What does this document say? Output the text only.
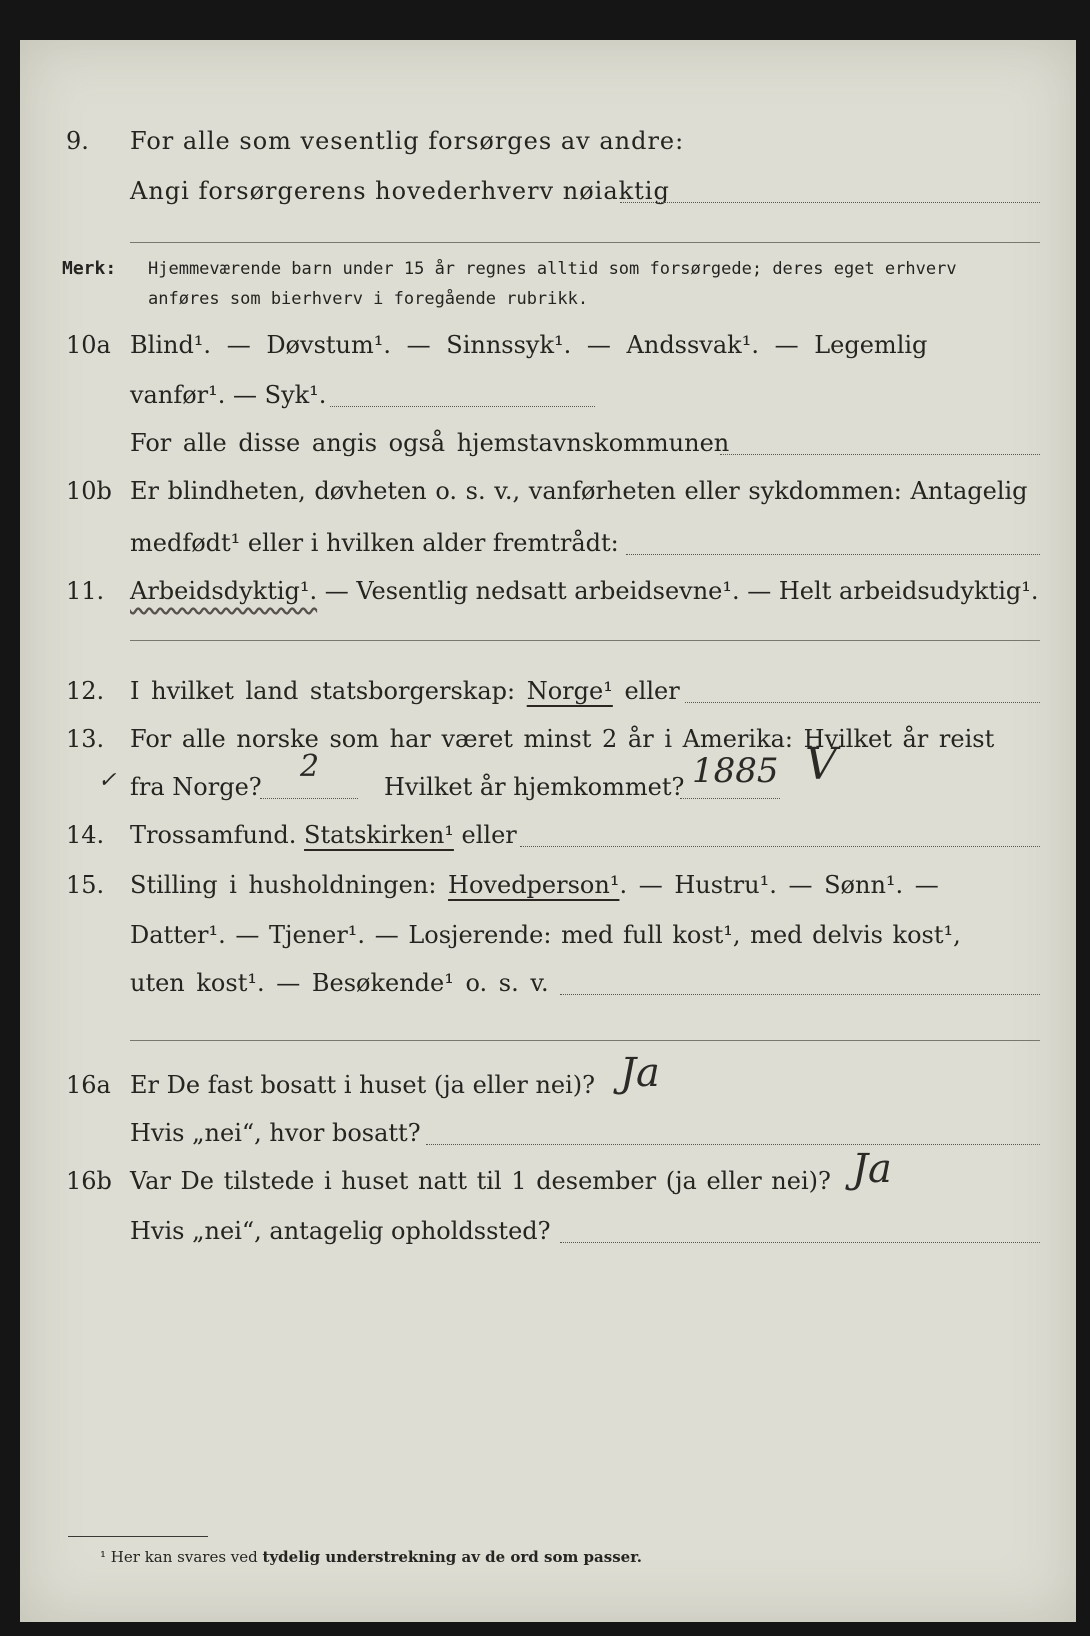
9. For alle som vesentlig forsørges av andre:
Angi forsørgerens hovederhverv nøiaktig
Merk: Hjemmeværende barn under 15 år regnes alltid som forsørgede; deres eget erhverv
anføres som bierhverv i foregående rubrikk.
10a Blind¹. — Døvstum¹. — Sinnssyk¹. — Andssvak¹. — Legemlig
vanfør¹. — Syk¹.
For alle disse angis også hjemstavnskommunen
10b Er blindheten, døvheten o. s. v., vanførheten eller sykdommen: Antagelig
medfødt¹ eller i hvilken alder fremtrådt:
11. Arbeidsdyktig¹. — Vesentlig nedsatt arbeidsevne¹. — Helt arbeidsudyktig¹.
12. I hvilket land statsborgerskap: Norge¹ eller
13. For alle norske som har været minst 2 år i Amerika: Hvilket år reist
✓ fra Norge?
2
Hvilket år hjemkommet? 1885 V
14. Trossamfund. Statskirken¹ eller
15. Stilling i husholdningen: Hovedperson¹. — Hustru¹. — Sønn¹. —
Datter¹. — Tjener¹. — Losjerende: med full kost¹, med delvis kost¹,
uten kost¹. — Besøkende¹ o. s. v.
16a Er De fast bosatt i huset (ja eller nei)? Ja
Hvis „nei“, hvor bosatt?
16b Var De tilstede i huset natt til 1 desember (ja eller nei)? Ja
Hvis „nei“, antagelig opholdssted?
¹ Her kan svares ved tydelig understrekning av de ord som passer.
